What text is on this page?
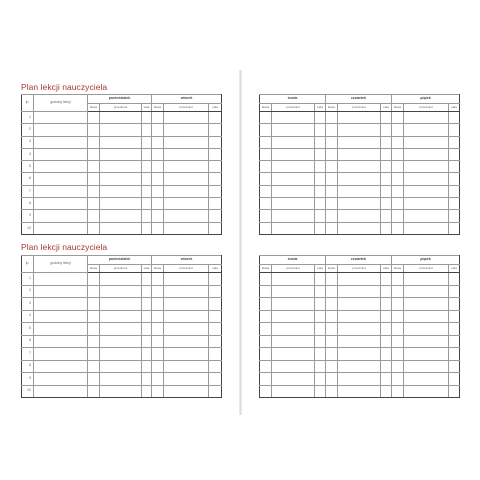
Plan lekcji nauczyciela
lp.	godziny lekcji	poniedziałek			wtorek		
		klasa	przedmiot	sala	klasa	przedmiot	sala
1							
2							
3							
4							
5							
6							
7							
8							
9							
10							
Plan lekcji nauczyciela
lp.	godziny lekcji	poniedziałek			wtorek		
		klasa	przedmiot	sala	klasa	przedmiot	sala
1							
2							
3							
4							
5							
6							
7							
8							
9							
10							
środa			czwartek			piątek		
klasa	przedmiot	sala	klasa	przedmiot	sala	klasa	przedmiot	sala

środa			czwartek			piątek		
klasa	przedmiot	sala	klasa	przedmiot	sala	klasa	przedmiot	sala
